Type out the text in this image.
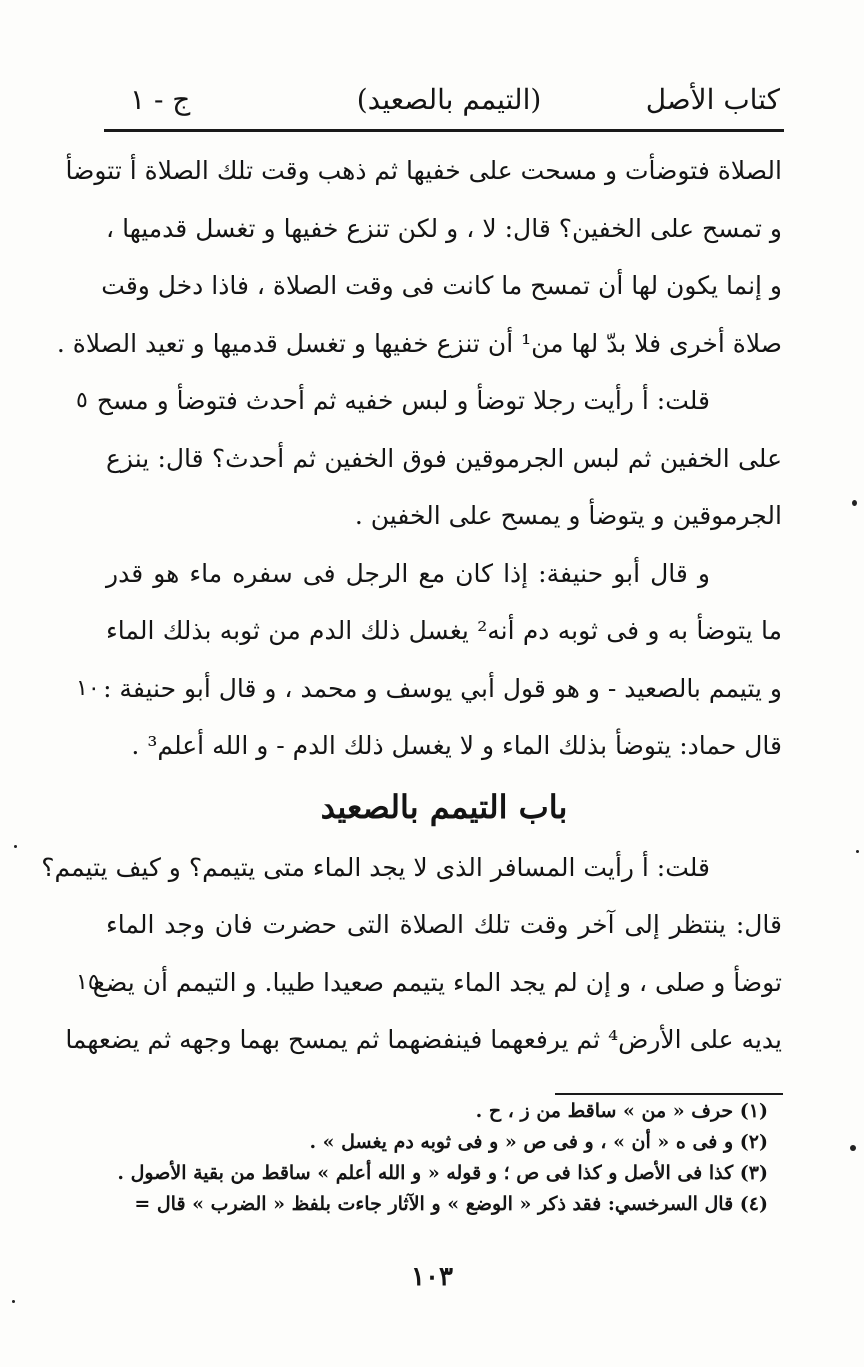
كتاب الأصل
(التيمم بالصعيد)
ج - ١
الصلاة فتوضأت و مسحت على خفيها ثم ذهب وقت تلك الصلاة أ تتوضأ
و تمسح على الخفين؟ قال: لا ، و لكن تنزع خفيها و تغسل قدميها ،
و إنما يكون لها أن تمسح ما كانت فى وقت الصلاة ، فاذا دخل وقت
صلاة أخرى فلا بدّ لها من¹ أن تنزع خفيها و تغسل قدميها و تعيد الصلاة .
قلت: أ رأيت رجلا توضأ و لبس خفيه ثم أحدث فتوضأ و مسح
٥
على الخفين ثم لبس الجرموقين فوق الخفين ثم أحدث؟ قال: ينزع
الجرموقين و يتوضأ و يمسح على الخفين .
و قال أبو حنيفة: إذا كان مع الرجل فى سفره ماء هو قدر
ما يتوضأ به و فى ثوبه دم أنه² يغسل ذلك الدم من ثوبه بذلك الماء
و يتيمم بالصعيد - و هو قول أبي يوسف و محمد ، و قال أبو حنيفة :
١٠
قال حماد: يتوضأ بذلك الماء و لا يغسل ذلك الدم - و الله أعلم³ .
باب التيمم بالصعيد
قلت: أ رأيت المسافر الذى لا يجد الماء متى يتيمم؟ و كيف يتيمم؟
قال: ينتظر إلى آخر وقت تلك الصلاة التى حضرت فان وجد الماء
توضأ و صلى ، و إن لم يجد الماء يتيمم صعيدا طيبا. و التيمم أن يضع
١٥
يديه على الأرض⁴ ثم يرفعهما فينفضهما ثم يمسح بهما وجهه ثم يضعهما
(١) حرف « من » ساقط من ز ، ح .
(٢) و فى ه « أن » ، و فى ص « و فى ثوبه دم يغسل » .
(٣) كذا فى الأصل و كذا فى ص ؛ و قوله « و الله أعلم » ساقط من بقية الأصول .
(٤) قال السرخسي: فقد ذكر « الوضع » و الآثار جاءت بلفظ « الضرب » قال =
١٠٣
